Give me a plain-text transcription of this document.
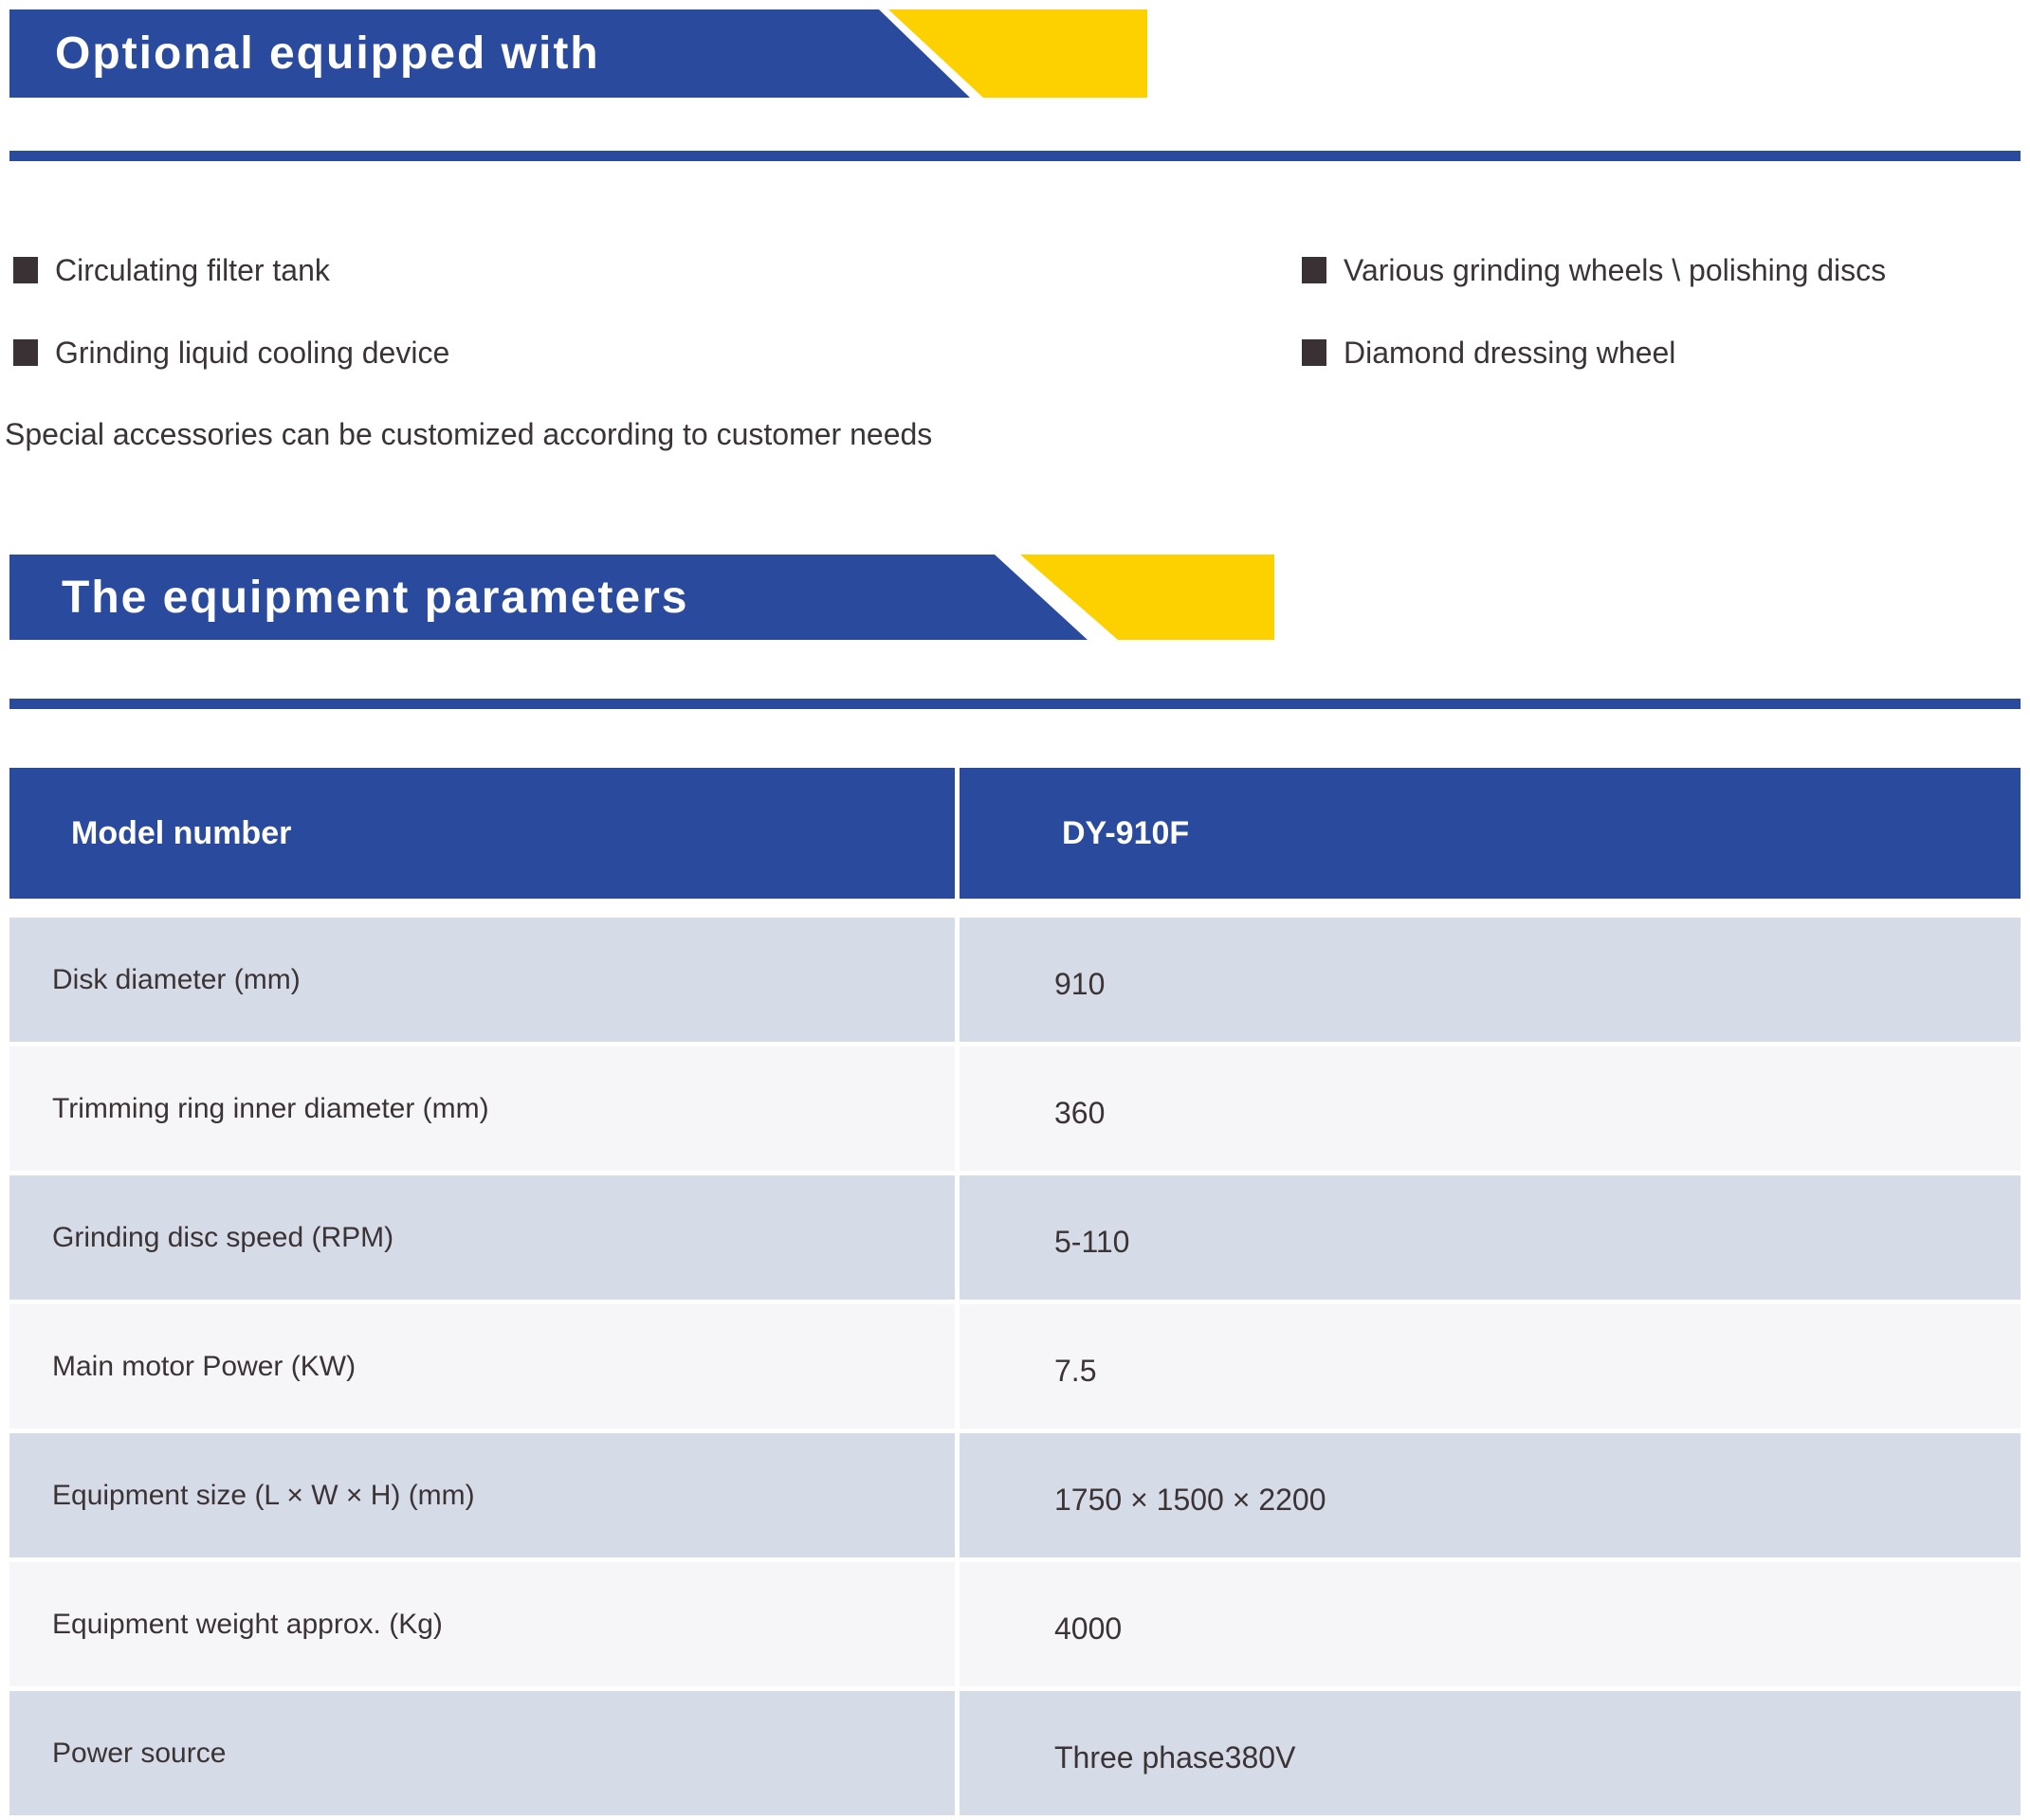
Optional equipped with
Circulating filter tank	Various grinding wheels \ polishing discs
Grinding liquid cooling device	Diamond dressing wheel
Special accessories can be customized according to customer needs
The equipment parameters
Model number	DY-910F
Disk diameter (mm)	910
Trimming ring inner diameter (mm)	360
Grinding disc speed (RPM)	5-110
Main motor Power (KW)	7.5
Equipment size (L × W × H) (mm)	1750 × 1500 × 2200
Equipment weight approx. (Kg)	4000
Power source	Three phase380V
